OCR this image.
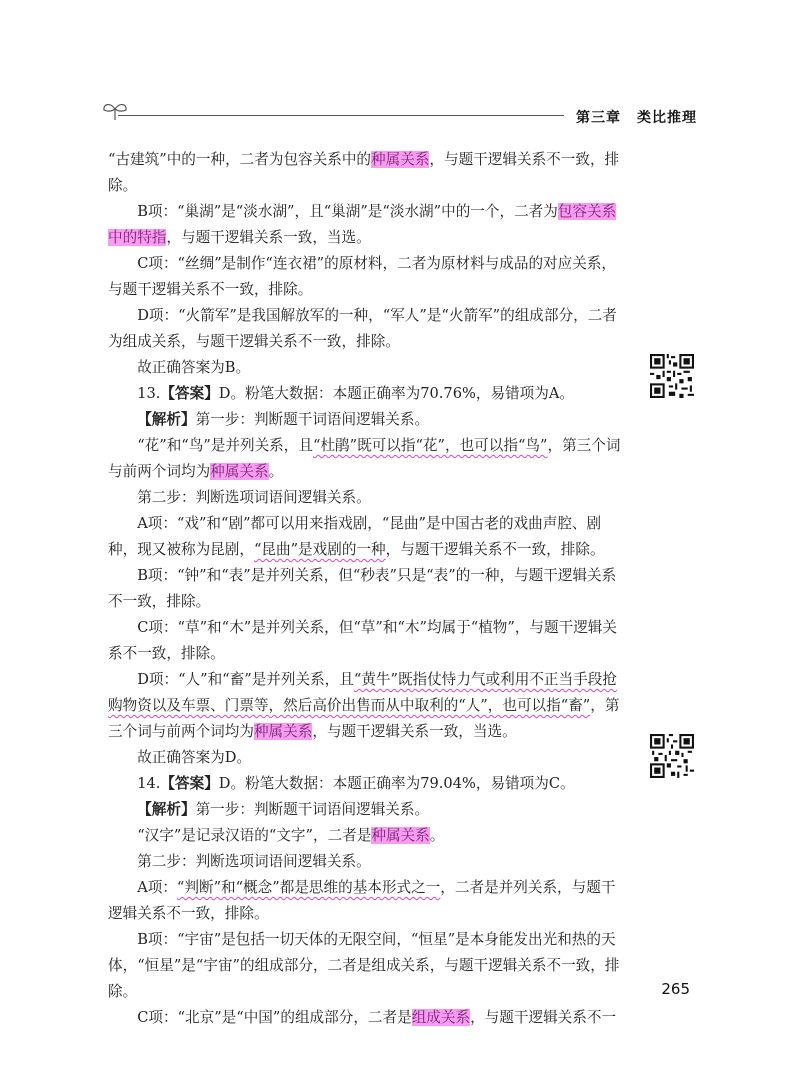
第三章 类比推理

“古建筑”中的一种，二者为包容关系中的种属关系，与题干逻辑关系不一致，排除。

B项：“巢湖”是“淡水湖”，且“巢湖”是“淡水湖”中的一个，二者为包容关系中的特指，与题干逻辑关系一致，当选。

C项：“丝绸”是制作“连衣裙”的原材料，二者为原材料与成品的对应关系，与题干逻辑关系不一致，排除。

D项：“火箭军”是我国解放军的一种，“军人”是“火箭军”的组成部分，二者为组成关系，与题干逻辑关系不一致，排除。

故正确答案为B。

13.【答案】D。粉笔大数据：本题正确率为70.76%，易错项为A。

【解析】第一步：判断题干词语间逻辑关系。

“花”和“鸟”是并列关系，且“杜鹃”既可以指“花”，也可以指“鸟”，第三个词与前两个词均为种属关系。

第二步：判断选项词语间逻辑关系。

A项：“戏”和“剧”都可以用来指戏剧，“昆曲”是中国古老的戏曲声腔、剧种，现又被称为昆剧，“昆曲”是戏剧的一种，与题干逻辑关系不一致，排除。

B项：“钟”和“表”是并列关系，但“秒表”只是“表”的一种，与题干逻辑关系不一致，排除。

C项：“草”和“木”是并列关系，但“草”和“木”均属于“植物”，与题干逻辑关系不一致，排除。

D项：“人”和“畜”是并列关系，且“黄牛”既指仗恃力气或利用不正当手段抢购物资以及车票、门票等，然后高价出售而从中取利的“人”，也可以指“畜”，第三个词与前两个词均为种属关系，与题干逻辑关系一致，当选。

故正确答案为D。

14.【答案】D。粉笔大数据：本题正确率为79.04%，易错项为C。

【解析】第一步：判断题干词语间逻辑关系。

“汉字”是记录汉语的“文字”，二者是种属关系。

第二步：判断选项词语间逻辑关系。

A项：“判断”和“概念”都是思维的基本形式之一，二者是并列关系，与题干逻辑关系不一致，排除。

B项：“宇宙”是包括一切天体的无限空间，“恒星”是本身能发出光和热的天体，“恒星”是“宇宙”的组成部分，二者是组成关系，与题干逻辑关系不一致，排除。

C项：“北京”是“中国”的组成部分，二者是组成关系，与题干逻辑关系不一

265
